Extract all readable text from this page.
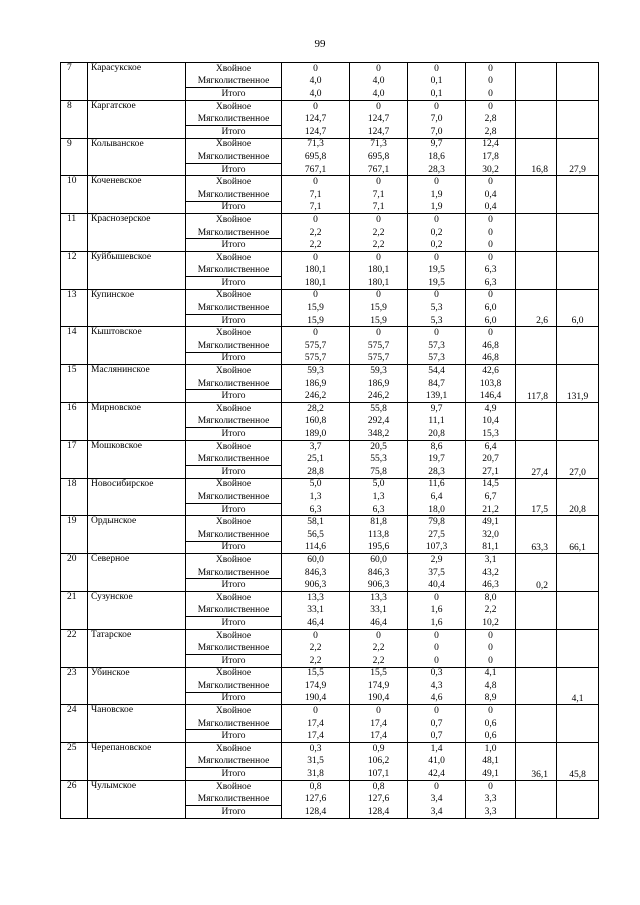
99
7	Карасукское	Хвойное	0	0	0	0		
		Мягколиственное	4,0	4,0	0,1	0		
		Итого	4,0	4,0	0,1	0		
8	Каргатское	Хвойное	0	0	0	0		
		Мягколиственное	124,7	124,7	7,0	2,8		
		Итого	124,7	124,7	7,0	2,8		
9	Колыванское	Хвойное	71,3	71,3	9,7	12,4	16,8	27,9
		Мягколиственное	695,8	695,8	18,6	17,8		
		Итого	767,1	767,1	28,3	30,2		
10	Коченевское	Хвойное	0	0	0	0		
		Мягколиственное	7,1	7,1	1,9	0,4		
		Итого	7,1	7,1	1,9	0,4		
11	Краснозерское	Хвойное	0	0	0	0		
		Мягколиственное	2,2	2,2	0,2	0		
		Итого	2,2	2,2	0,2	0		
12	Куйбышевское	Хвойное	0	0	0	0		
		Мягколиственное	180,1	180,1	19,5	6,3		
		Итого	180,1	180,1	19,5	6,3		
13	Купинское	Хвойное	0	0	0	0	2,6	6,0
		Мягколиственное	15,9	15,9	5,3	6,0		
		Итого	15,9	15,9	5,3	6,0		
14	Кыштовское	Хвойное	0	0	0	0		
		Мягколиственное	575,7	575,7	57,3	46,8		
		Итого	575,7	575,7	57,3	46,8		
15	Маслянинское	Хвойное	59,3	59,3	54,4	42,6	117,8	131,9
		Мягколиственное	186,9	186,9	84,7	103,8		
		Итого	246,2	246,2	139,1	146,4		
16	Мирновское	Хвойное	28,2	55,8	9,7	4,9		
		Мягколиственное	160,8	292,4	11,1	10,4		
		Итого	189,0	348,2	20,8	15,3		
17	Мошковское	Хвойное	3,7	20,5	8,6	6,4	27,4	27,0
		Мягколиственное	25,1	55,3	19,7	20,7		
		Итого	28,8	75,8	28,3	27,1		
18	Новосибирское	Хвойное	5,0	5,0	11,6	14,5	17,5	20,8
		Мягколиственное	1,3	1,3	6,4	6,7		
		Итого	6,3	6,3	18,0	21,2		
19	Ордынское	Хвойное	58,1	81,8	79,8	49,1	63,3	66,1
		Мягколиственное	56,5	113,8	27,5	32,0		
		Итого	114,6	195,6	107,3	81,1		
20	Северное	Хвойное	60,0	60,0	2,9	3,1	0,2	
		Мягколиственное	846,3	846,3	37,5	43,2		
		Итого	906,3	906,3	40,4	46,3		
21	Сузунское	Хвойное	13,3	13,3	0	8,0		
		Мягколиственное	33,1	33,1	1,6	2,2		
		Итого	46,4	46,4	1,6	10,2		
22	Татарское	Хвойное	0	0	0	0		
		Мягколиственное	2,2	2,2	0	0		
		Итого	2,2	2,2	0	0		
23	Убинское	Хвойное	15,5	15,5	0,3	4,1		4,1
		Мягколиственное	174,9	174,9	4,3	4,8		
		Итого	190,4	190,4	4,6	8,9		
24	Чановское	Хвойное	0	0	0	0		
		Мягколиственное	17,4	17,4	0,7	0,6		
		Итого	17,4	17,4	0,7	0,6		
25	Черепановское	Хвойное	0,3	0,9	1,4	1,0	36,1	45,8
		Мягколиственное	31,5	106,2	41,0	48,1		
		Итого	31,8	107,1	42,4	49,1		
26	Чулымское	Хвойное	0,8	0,8	0	0		
		Мягколиственное	127,6	127,6	3,4	3,3		
		Итого	128,4	128,4	3,4	3,3		
